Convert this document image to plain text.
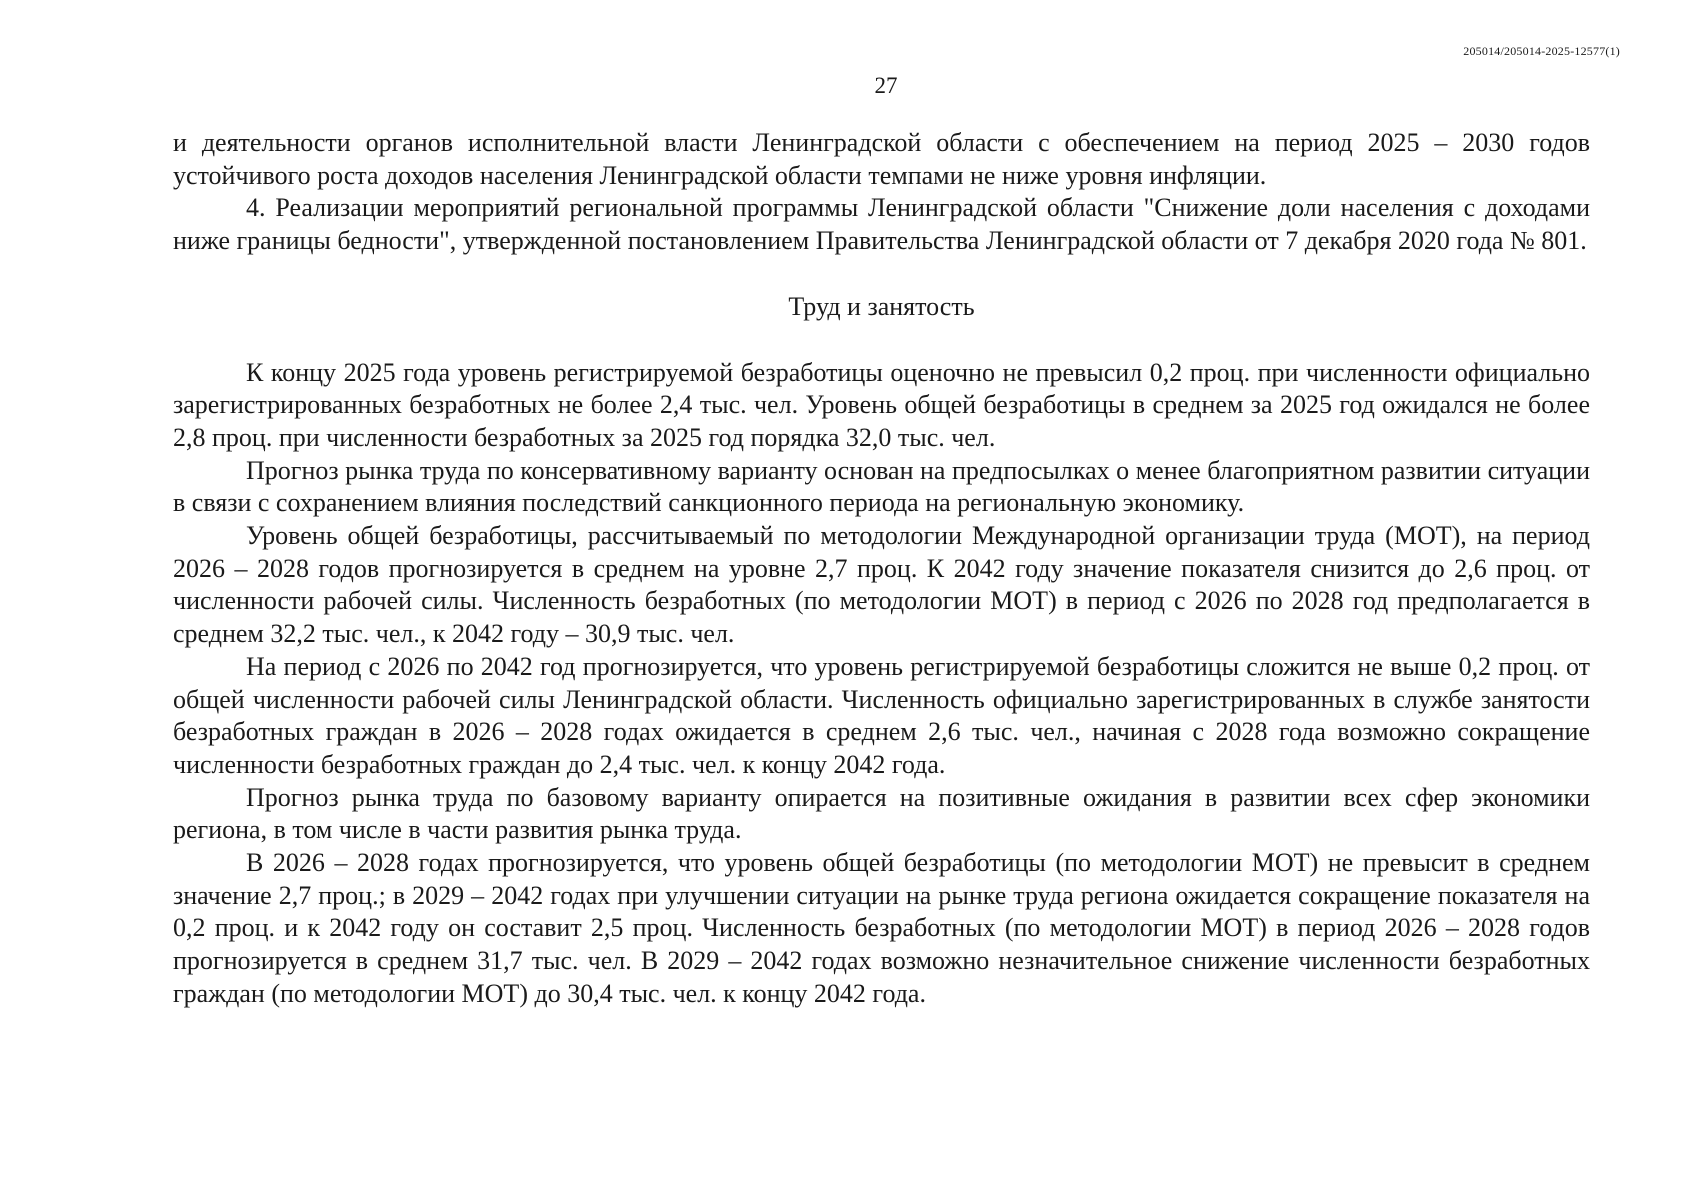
205014/205014-2025-12577(1)
27

и деятельности органов исполнительной власти Ленинградской области с обеспечением на период 2025 – 2030 годов устойчивого роста доходов населения Ленинградской области темпами не ниже уровня инфляции.

4. Реализации мероприятий региональной программы Ленинградской области "Снижение доли населения с доходами ниже границы бедности", утвержденной постановлением Правительства Ленинградской области от 7 декабря 2020 года № 801.

Труд и занятость

К концу 2025 года уровень регистрируемой безработицы оценочно не превысил 0,2 проц. при численности официально зарегистрированных безработных не более 2,4 тыс. чел. Уровень общей безработицы в среднем за 2025 год ожидался не более 2,8 проц. при численности безработных за 2025 год порядка 32,0 тыс. чел.

Прогноз рынка труда по консервативному варианту основан на предпосылках о менее благоприятном развитии ситуации в связи с сохранением влияния последствий санкционного периода на региональную экономику.

Уровень общей безработицы, рассчитываемый по методологии Международной организации труда (МОТ), на период 2026 – 2028 годов прогнозируется в среднем на уровне 2,7 проц. К 2042 году значение показателя снизится до 2,6 проц. от численности рабочей силы. Численность безработных (по методологии МОТ) в период с 2026 по 2028 год предполагается в среднем 32,2 тыс. чел., к 2042 году – 30,9 тыс. чел.

На период с 2026 по 2042 год прогнозируется, что уровень регистрируемой безработицы сложится не выше 0,2 проц. от общей численности рабочей силы Ленинградской области. Численность официально зарегистрированных в службе занятости безработных граждан в 2026 – 2028 годах ожидается в среднем 2,6 тыс. чел., начиная с 2028 года возможно сокращение численности безработных граждан до 2,4 тыс. чел. к концу 2042 года.

Прогноз рынка труда по базовому варианту опирается на позитивные ожидания в развитии всех сфер экономики региона, в том числе в части развития рынка труда.

В 2026 – 2028 годах прогнозируется, что уровень общей безработицы (по методологии МОТ) не превысит в среднем значение 2,7 проц.; в 2029 – 2042 годах при улучшении ситуации на рынке труда региона ожидается сокращение показателя на 0,2 проц. и к 2042 году он составит 2,5 проц. Численность безработных (по методологии МОТ) в период 2026 – 2028 годов прогнозируется в среднем 31,7 тыс. чел. В 2029 – 2042 годах возможно незначительное снижение численности безработных граждан (по методологии МОТ) до 30,4 тыс. чел. к концу 2042 года.
